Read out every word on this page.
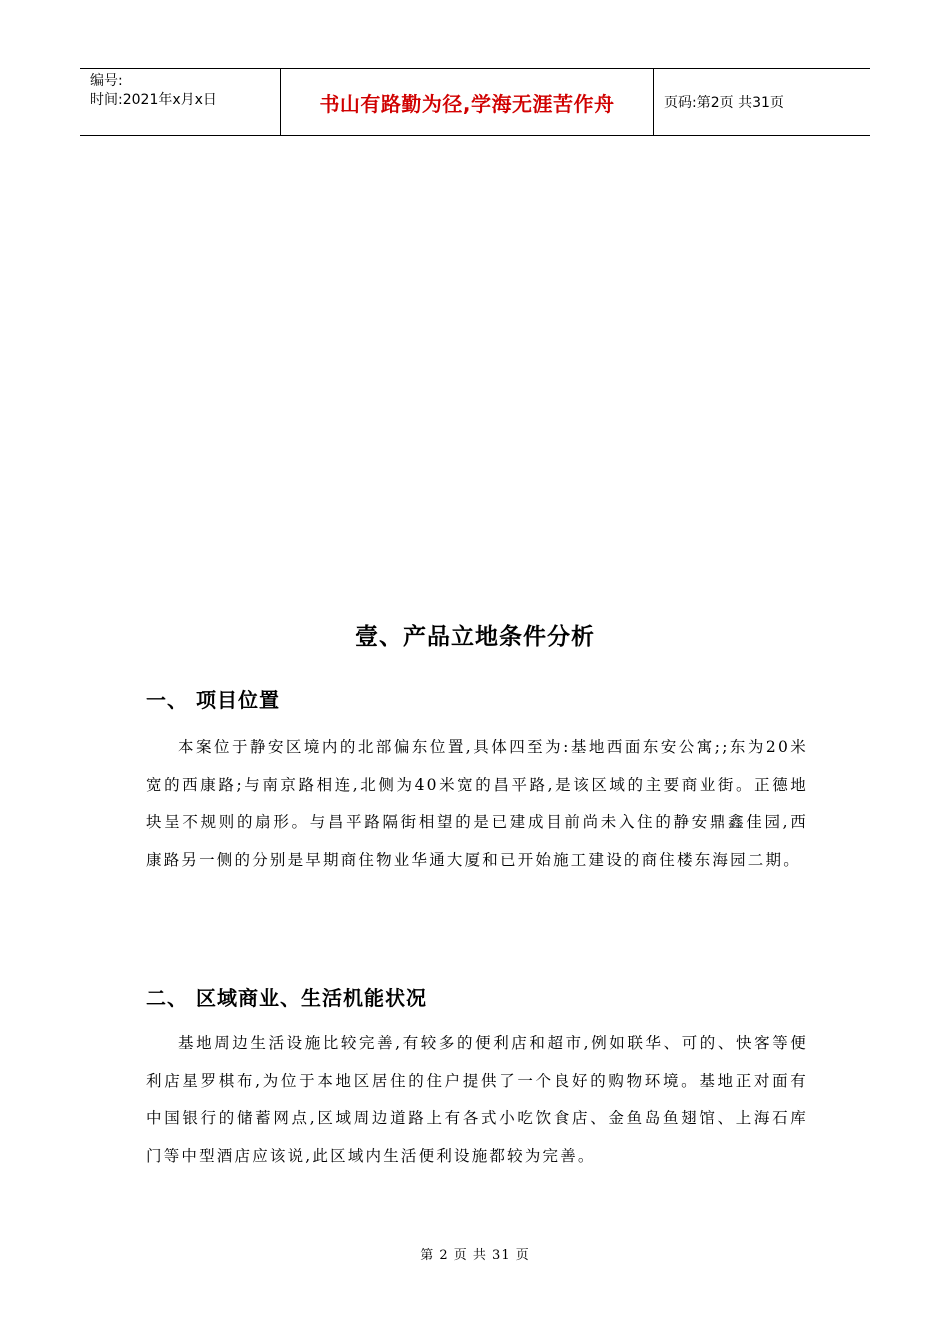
编号:
时间:2021年x月x日	书山有路勤为径,学海无涯苦作舟	页码:第2页 共31页
壹、产品立地条件分析
一、 项目位置
本案位于静安区境内的北部偏东位置,具体四至为:基地西面东安公寓;;东为20米宽的西康路;与南京路相连,北侧为40米宽的昌平路,是该区域的主要商业街。正德地块呈不规则的扇形。与昌平路隔街相望的是已建成目前尚未入住的静安鼎鑫佳园,西康路另一侧的分别是早期商住物业华通大厦和已开始施工建设的商住楼东海园二期。
二、 区域商业、生活机能状况
基地周边生活设施比较完善,有较多的便利店和超市,例如联华、可的、快客等便利店星罗棋布,为位于本地区居住的住户提供了一个良好的购物环境。基地正对面有中国银行的储蓄网点,区域周边道路上有各式小吃饮食店、金鱼岛鱼翅馆、上海石库门等中型酒店应该说,此区域内生活便利设施都较为完善。
第 2 页 共 31 页
